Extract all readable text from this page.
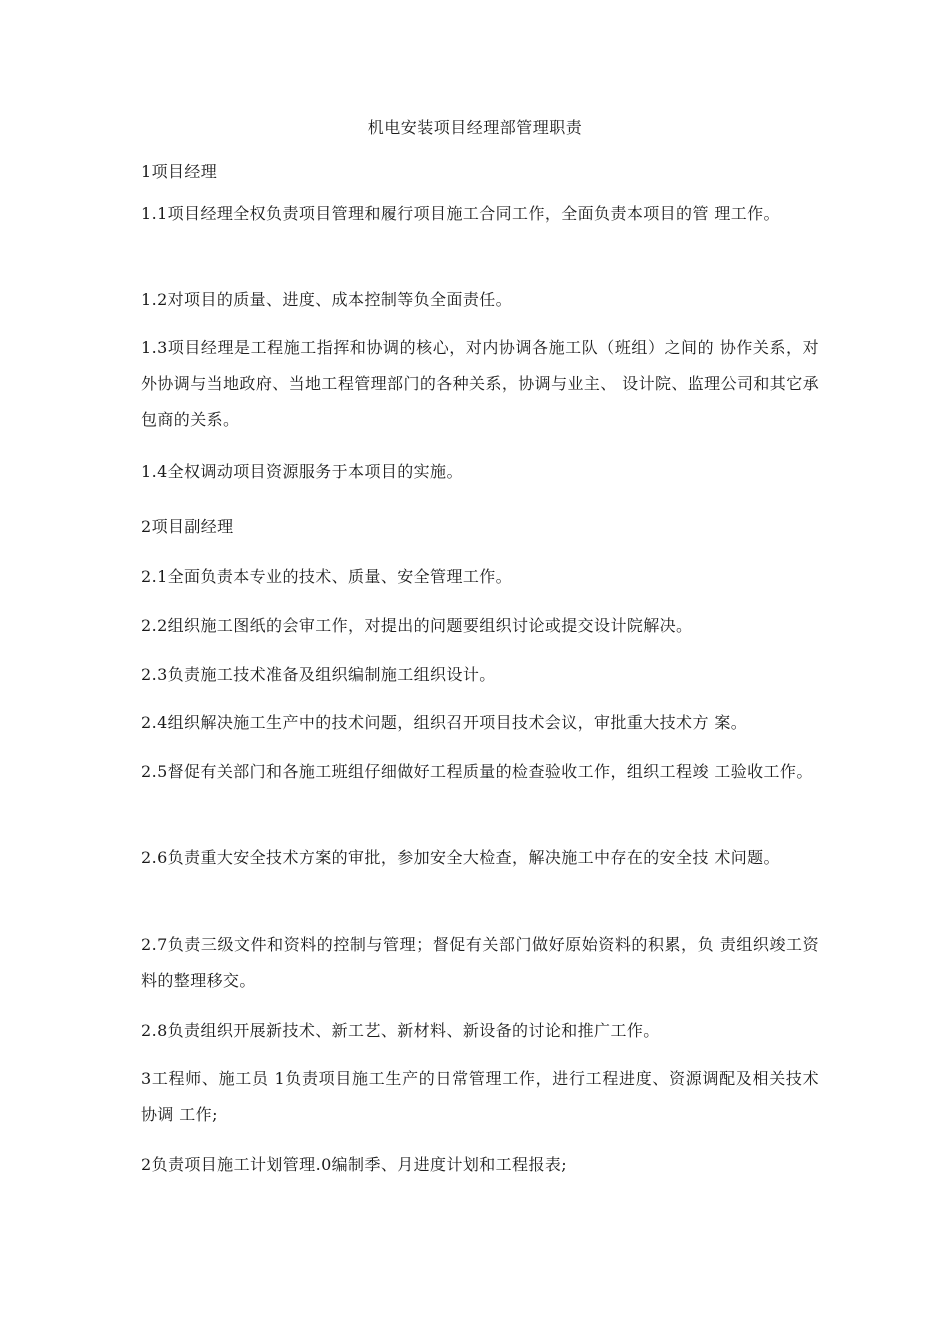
机电安装项目经理部管理职责
1项目经理
1.1项目经理全权负责项目管理和履行项目施工合同工作，全面负责本项目的管 理工作。
1.2对项目的质量、进度、成本控制等负全面责任。
1.3项目经理是工程施工指挥和协调的核心，对内协调各施工队（班组）之间的 协作关系，对外协调与当地政府、当地工程管理部门的各种关系，协调与业主、 设计院、监理公司和其它承包商的关系。
1.4全权调动项目资源服务于本项目的实施。
2项目副经理
2.1全面负责本专业的技术、质量、安全管理工作。
2.2组织施工图纸的会审工作，对提出的问题要组织讨论或提交设计院解决。
2.3负责施工技术准备及组织编制施工组织设计。
2.4组织解决施工生产中的技术问题，组织召开项目技术会议，审批重大技术方 案。
2.5督促有关部门和各施工班组仔细做好工程质量的检查验收工作，组织工程竣 工验收工作。
2.6负责重大安全技术方案的审批，参加安全大检查，解决施工中存在的安全技 术问题。
2.7负责三级文件和资料的控制与管理；督促有关部门做好原始资料的积累，负 责组织竣工资料的整理移交。
2.8负责组织开展新技术、新工艺、新材料、新设备的讨论和推广工作。
3工程师、施工员 1负责项目施工生产的日常管理工作，进行工程进度、资源调配及相关技术协调 工作;
2负责项目施工计划管理.0编制季、月进度计划和工程报表;
